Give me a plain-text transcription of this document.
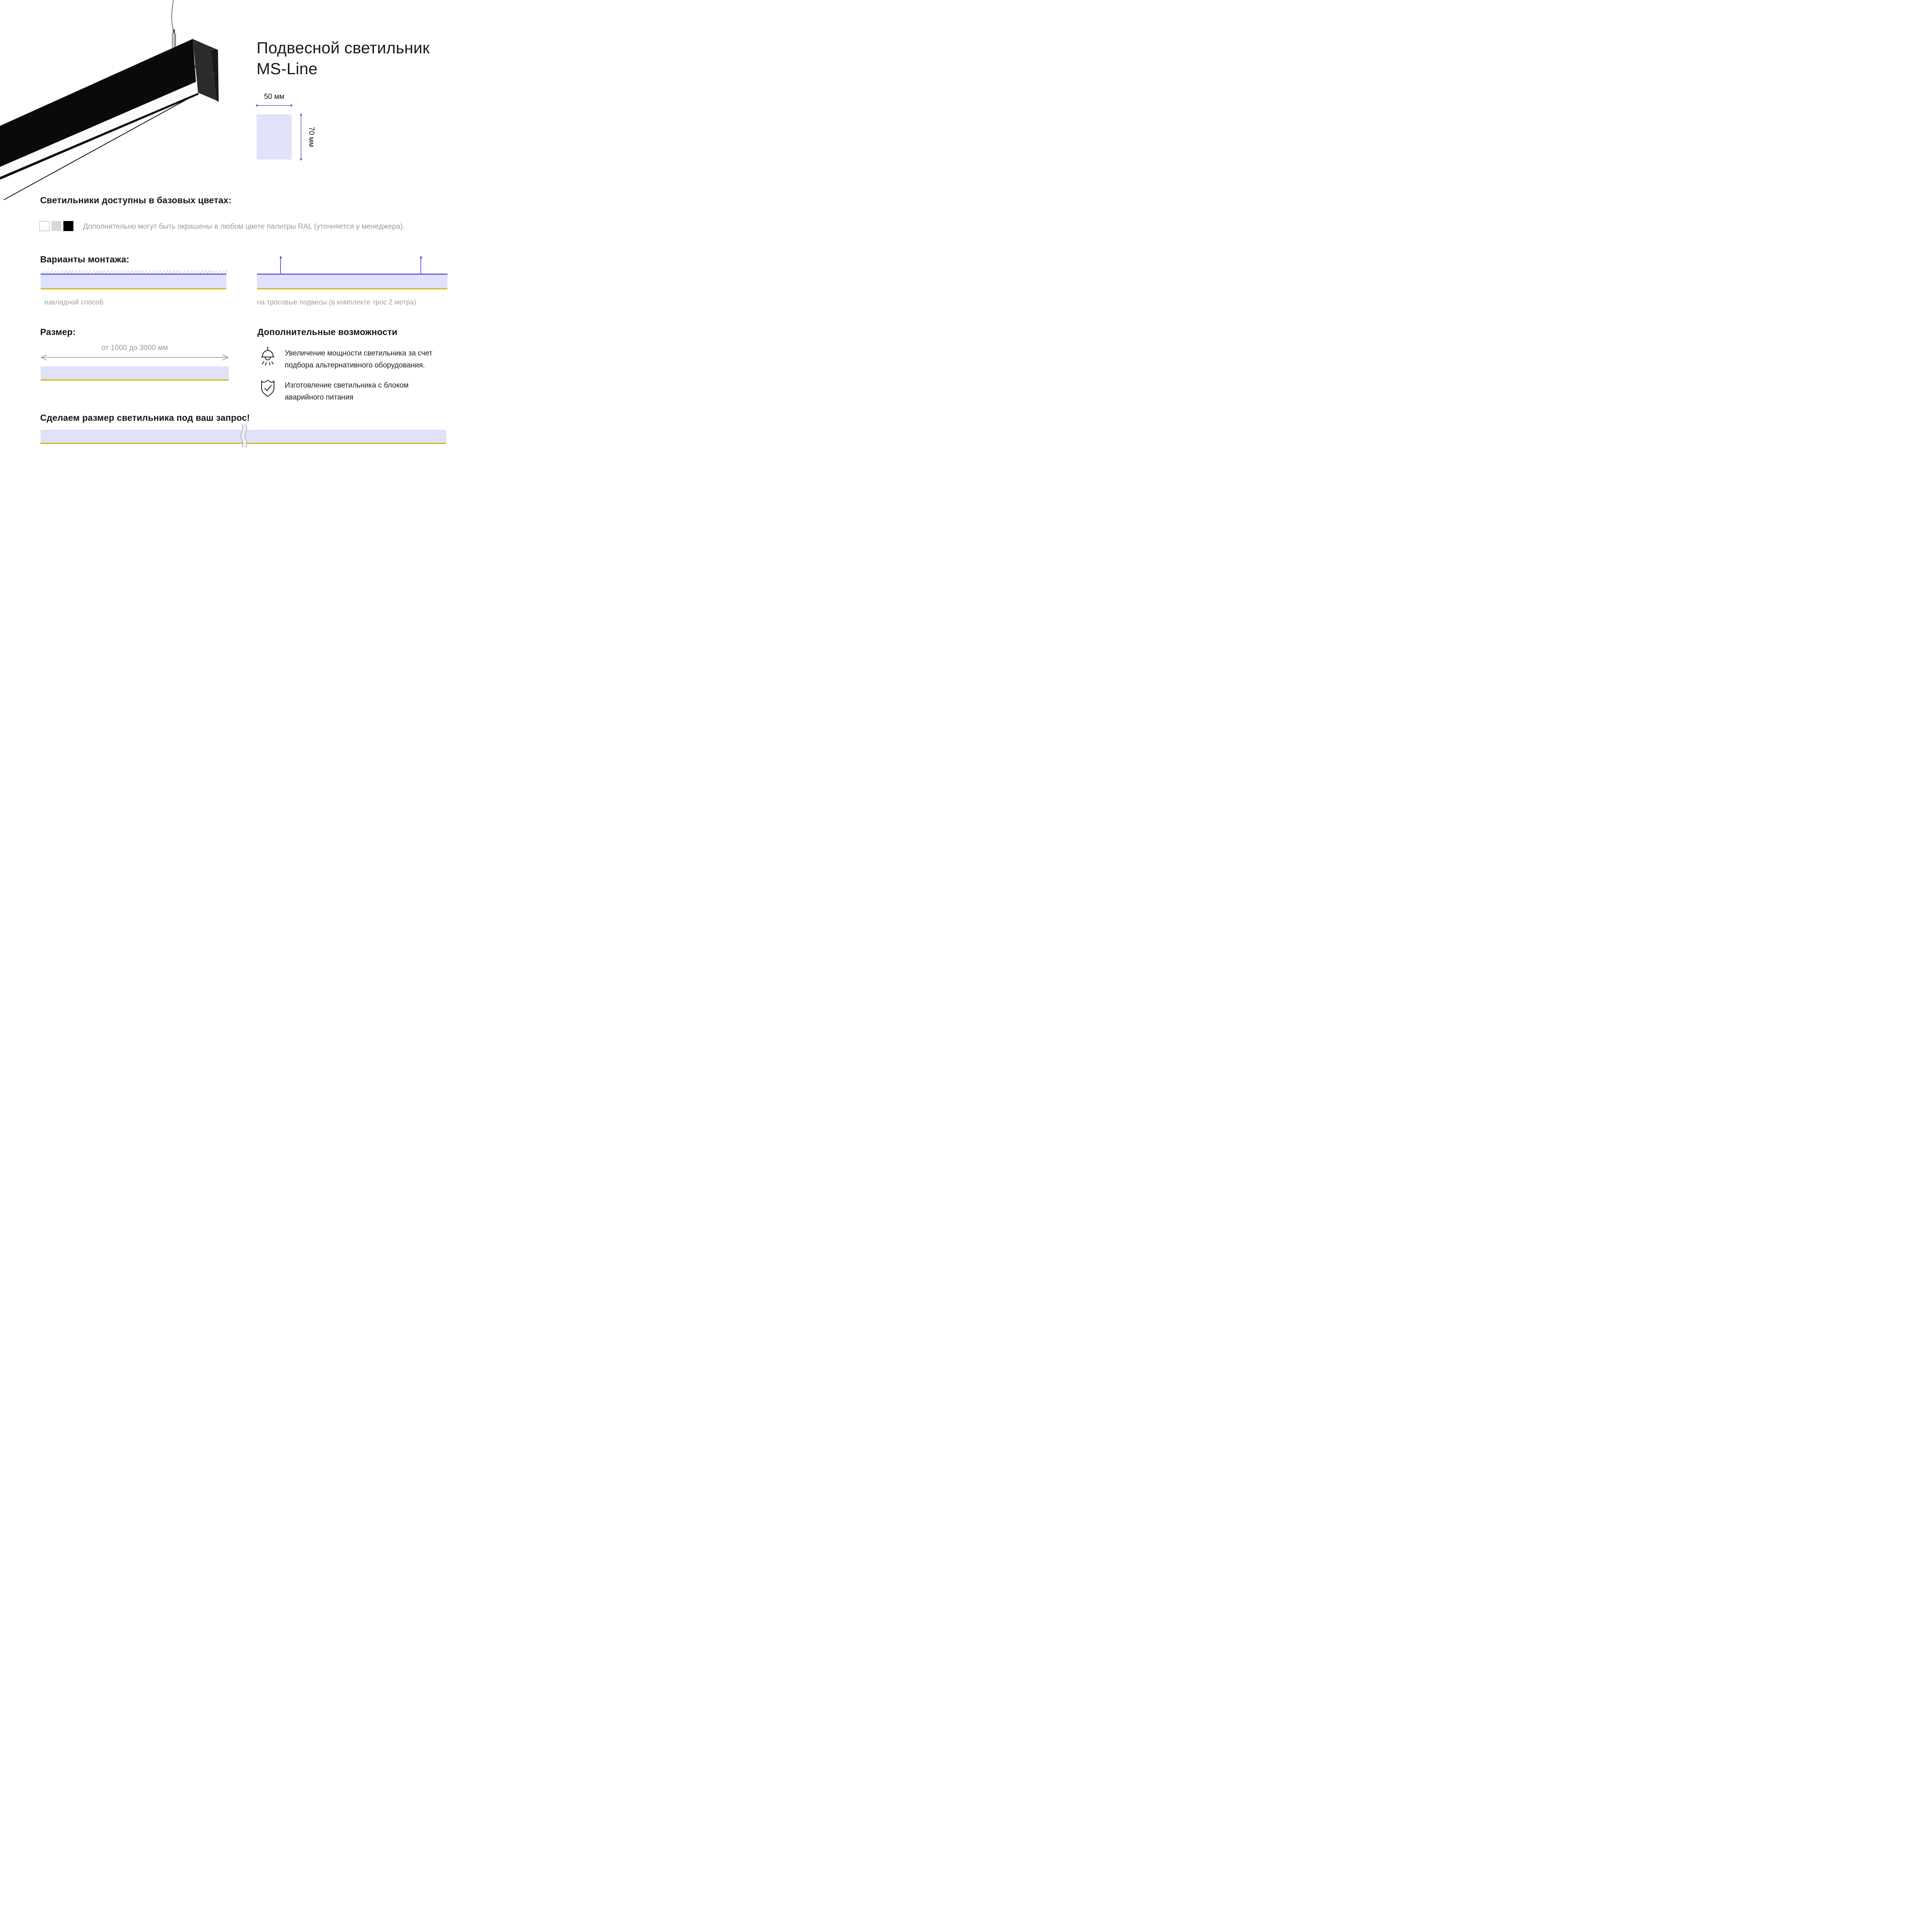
Подвесной светильник
MS-Line
50 мм
70 мм
Светильники доступны в базовых цветах:
Дополнительно могут быть окрашены в любом цвете палитры RAL (уточняется у менеджера).
Варианты монтажа:
накладной способ	на тросовые подвесы (в комплекте трос 2 метра)
Размер:
от 1000 до 3000 мм
Дополнительные возможности
Увеличение мощности светильника за счет
подбора альтернативного оборудования.
Изготовление светильника с блоком
аварийного питания
Сделаем размер светильника под ваш запрос!
